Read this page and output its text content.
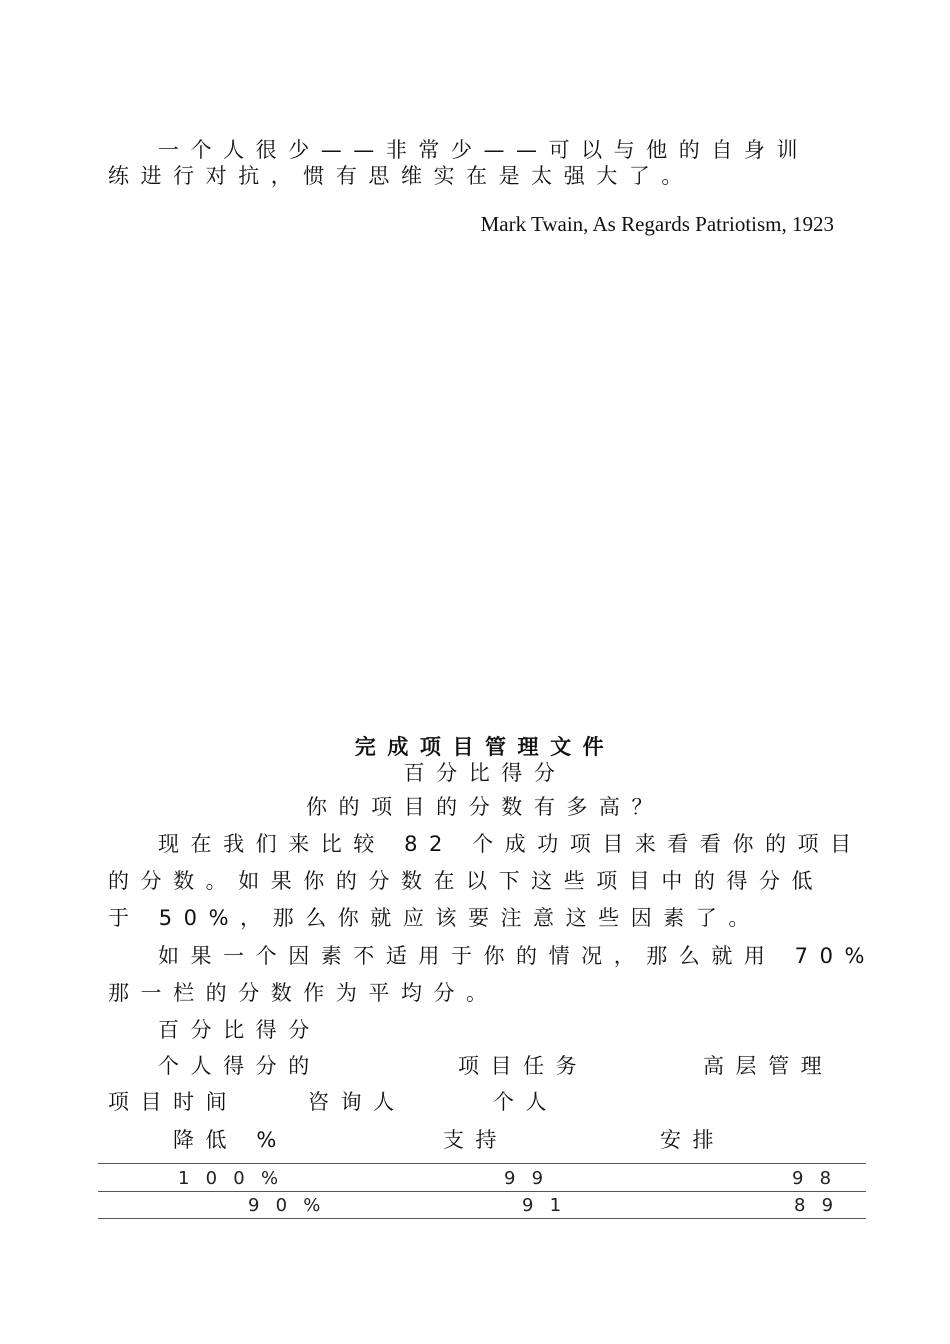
一个人很少——非常少——可以与他的自身训
练进行对抗，惯有思维实在是太强大了。
Mark Twain, As Regards Patriotism, 1923
完成项目管理文件
百分比得分
你的项目的分数有多高？
现在我们来比较 82 个成功项目来看看你的项目
的分数。如果你的分数在以下这些项目中的得分低
于 50%，那么你就应该要注意这些因素了。
如果一个因素不适用于你的情况，那么就用 70%
那一栏的分数作为平均分。
百分比得分
个人得分的	项目任务	高层管理
项目时间	咨询人	个人
降低 %	支持	安排
100%	99	98
90%	91	89
